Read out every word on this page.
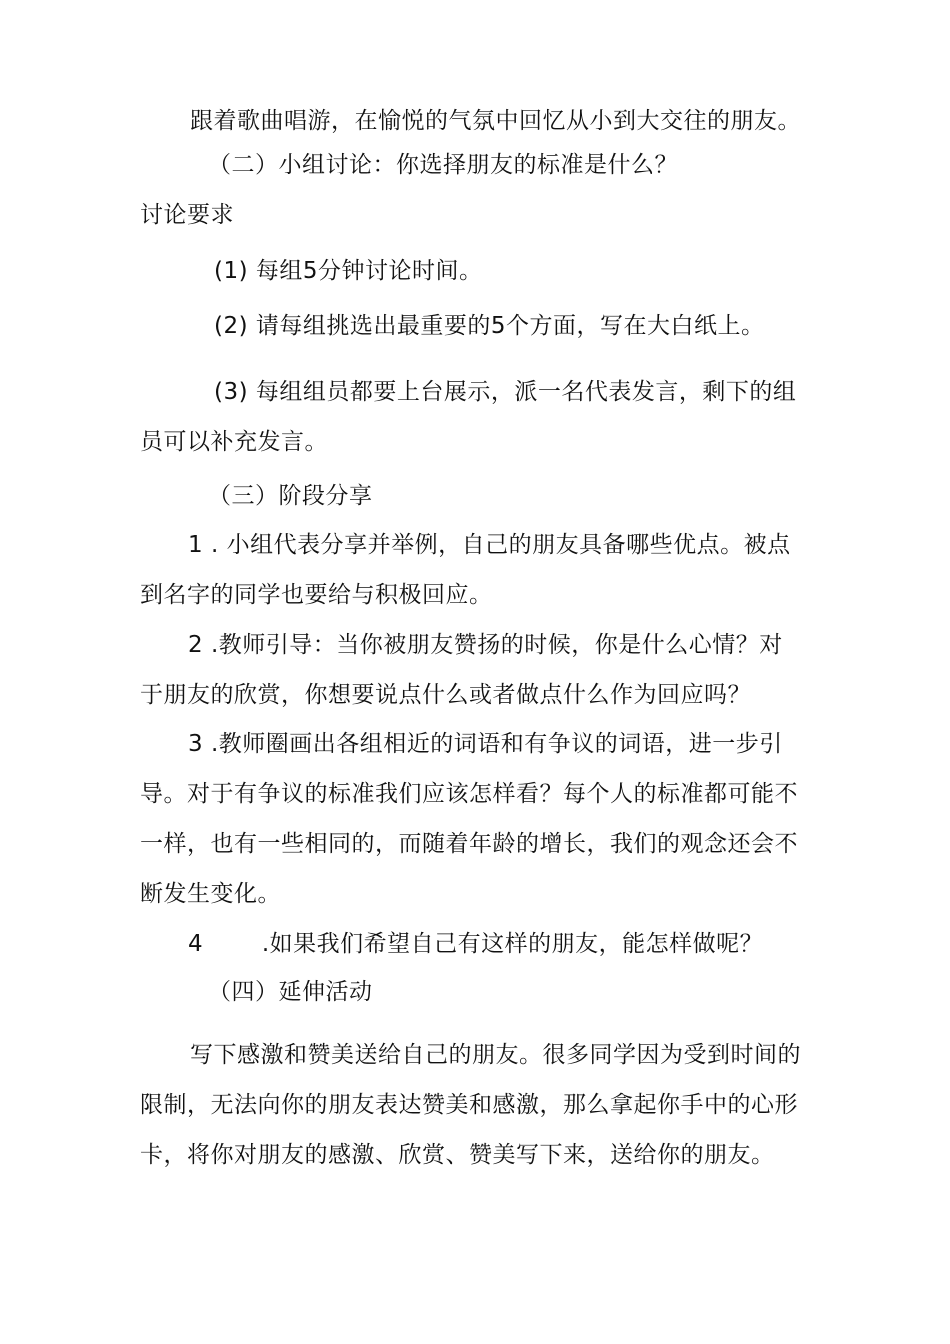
跟着歌曲唱游，在愉悦的气氛中回忆从小到大交往的朋友。

（二）小组讨论：你选择朋友的标准是什么？

讨论要求

(1) 每组5分钟讨论时间。

(2) 请每组挑选出最重要的5个方面，写在大白纸上。

(3) 每组组员都要上台展示，派一名代表发言，剩下的组

员可以补充发言。

（三）阶段分享

1 . 小组代表分享并举例，自己的朋友具备哪些优点。被点

到名字的同学也要给与积极回应。

2 .教师引导：当你被朋友赞扬的时候，你是什么心情？对

于朋友的欣赏，你想要说点什么或者做点什么作为回应吗？

3 .教师圈画出各组相近的词语和有争议的词语，进一步引

导。对于有争议的标准我们应该怎样看？每个人的标准都可能不

一样，也有一些相同的，而随着年龄的增长，我们的观念还会不

断发生变化。

4	.如果我们希望自己有这样的朋友，能怎样做呢？

（四）延伸活动

写下感激和赞美送给自己的朋友。很多同学因为受到时间的

限制，无法向你的朋友表达赞美和感激，那么拿起你手中的心形

卡，将你对朋友的感激、欣赏、赞美写下来，送给你的朋友。
